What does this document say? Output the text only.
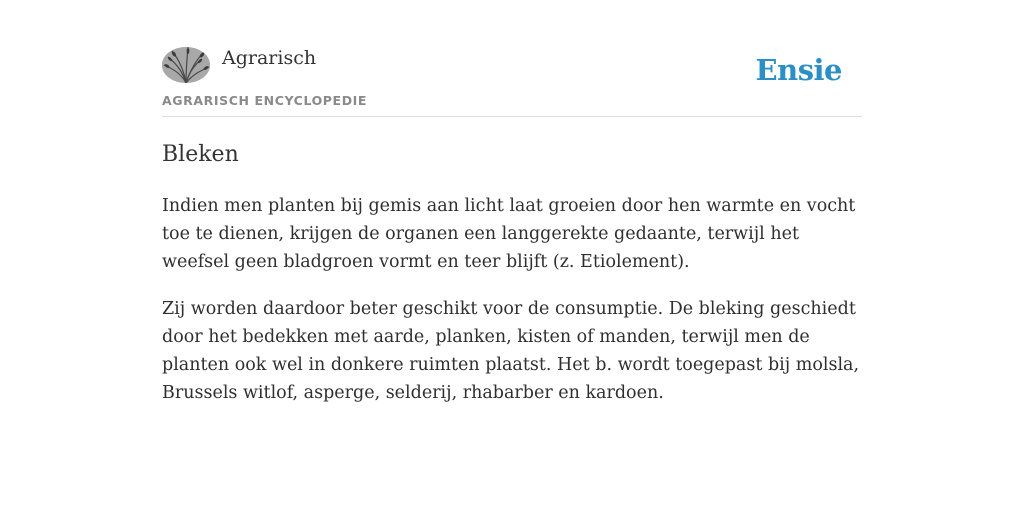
Agrarisch
AGRARISCH ENCYCLOPEDIE
Ensie
Bleken

Indien men planten bij gemis aan licht laat groeien door hen warmte en vocht toe te dienen, krijgen de organen een langgerekte gedaante, terwijl het weefsel geen bladgroen vormt en teer blijft (z. Etiolement).

Zij worden daardoor beter geschikt voor de consumptie. De bleking geschiedt door het bedekken met aarde, planken, kisten of manden, terwijl men de planten ook wel in donkere ruimten plaatst. Het b. wordt toegepast bij molsla, Brussels witlof, asperge, selderij, rhabarber en kardoen.
